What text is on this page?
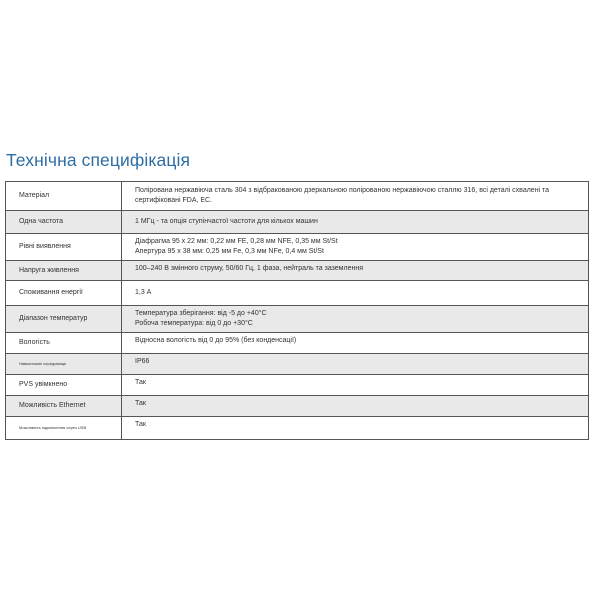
Технічна специфікація
Матеріал	Полірована нержавіюча сталь 304 з відбракованою дзеркальною полірованою нержавіючою сталлю 316, всі деталі схвалені та сертифіковані FDA, ЕС.

Одна частота	1 МГц - та опція ступінчастої частоти для кількох машин

Рівні виявлення	Діафрагма 95 x 22 мм: 0,22 мм FE, 0,28 мм NFE, 0,35 мм St/St
Апертура 95 x 38 мм: 0,25 мм Fe, 0,3 мм NFe, 0,4 мм St/St

Напруга живлення	100–240 В змінного струму, 50/60 Гц, 1 фаза, нейтраль та заземлення

Споживання енергії	1,3 А

Діапазон температур	Температура зберігання: від -5 до +40°C
Робоча температура: від 0 до +30°C

Вологість	Відносна вологість від 0 до 95% (без конденсації)

Навколишнє середовище	IP66

PVS увімкнено	Так

Можливість Ethernet	Так

Можливість підключення через USB	Так
